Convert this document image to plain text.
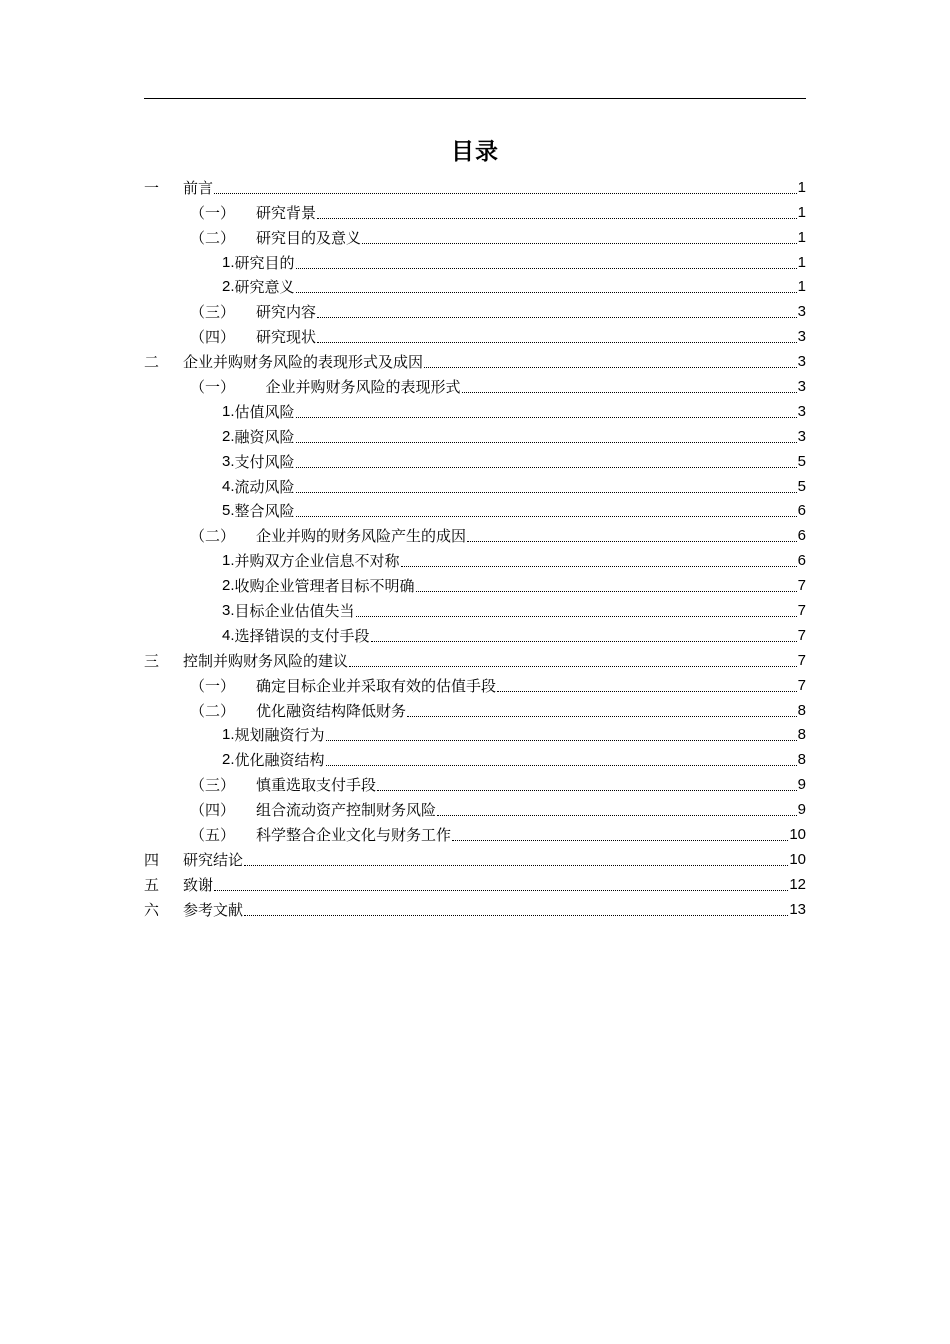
目录
一	前言	1
（一）	研究背景	1
（二）	研究目的及意义	1
1. 研究目的	1
2. 研究意义	1
（三）	研究内容	3
（四）	研究现状	3
二	企业并购财务风险的表现形式及成因	3
（一）	企业并购财务风险的表现形式	3
1. 估值风险	3
2. 融资风险	3
3. 支付风险	5
4. 流动风险	5
5. 整合风险	6
（二）	企业并购的财务风险产生的成因	6
1. 并购双方企业信息不对称	6
2. 收购企业管理者目标不明确	7
3. 目标企业估值失当	7
4. 选择错误的支付手段	7
三	控制并购财务风险的建议	7
（一）	确定目标企业并采取有效的估值手段	7
（二）	优化融资结构降低财务	8
1. 规划融资行为	8
2. 优化融资结构	8
（三）	慎重选取支付手段	9
（四）	组合流动资产控制财务风险	9
（五）	科学整合企业文化与财务工作	10
四	研究结论	10
五	致谢	12
六	参考文献	13
